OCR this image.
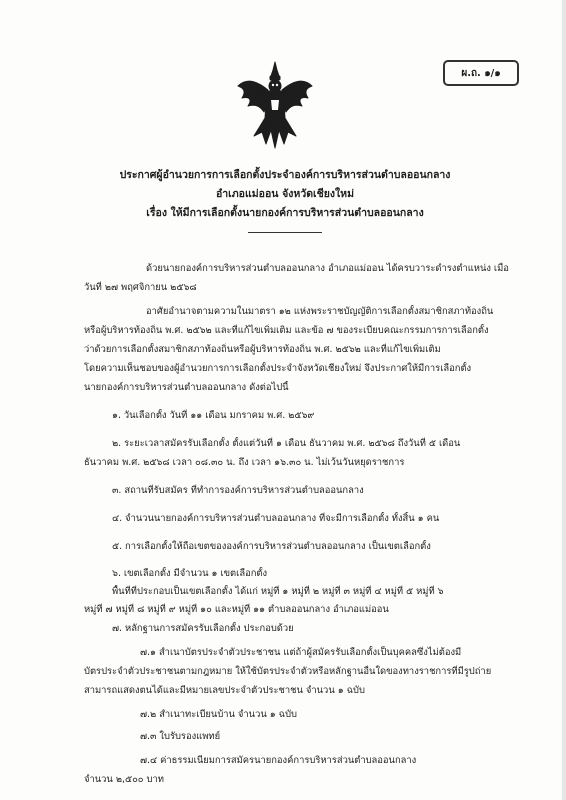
ผ.ถ. ๑/๑
ประกาศผู้อำนวยการการเลือกตั้งประจำองค์การบริหารส่วนตำบลออนกลาง
อำเภอแม่ออน จังหวัดเชียงใหม่
เรื่อง ให้มีการเลือกตั้งนายกองค์การบริหารส่วนตำบลออนกลาง
ด้วยนายกองค์การบริหารส่วนตำบลออนกลาง อำเภอแม่ออน ได้ครบวาระดำรงตำแหน่ง เมื่อ
วันที่ ๒๗ พฤศจิกายน ๒๕๖๘
อาศัยอำนาจตามความในมาตรา ๑๒ แห่งพระราชบัญญัติการเลือกตั้งสมาชิกสภาท้องถิ่น
หรือผู้บริหารท้องถิ่น พ.ศ. ๒๕๖๒ และที่แก้ไขเพิ่มเติม และข้อ ๗ ของระเบียบคณะกรรมการการเลือกตั้ง
ว่าด้วยการเลือกตั้งสมาชิกสภาท้องถิ่นหรือผู้บริหารท้องถิ่น พ.ศ. ๒๕๖๒ และที่แก้ไขเพิ่มเติม
โดยความเห็นชอบของผู้อำนวยการการเลือกตั้งประจำจังหวัดเชียงใหม่ จึงประกาศให้มีการเลือกตั้ง
นายกองค์การบริหารส่วนตำบลออนกลาง ดังต่อไปนี้
๑. วันเลือกตั้ง วันที่ ๑๑ เดือน มกราคม พ.ศ. ๒๕๖๙
๒. ระยะเวลาสมัครรับเลือกตั้ง ตั้งแต่วันที่ ๑ เดือน ธันวาคม พ.ศ. ๒๕๖๘ ถึงวันที่ ๕ เดือน
ธันวาคม พ.ศ. ๒๕๖๘ เวลา ๐๘.๓๐ น. ถึง เวลา ๑๖.๓๐ น. ไม่เว้นวันหยุดราชการ
๓. สถานที่รับสมัคร ที่ทำการองค์การบริหารส่วนตำบลออนกลาง
๔. จำนวนนายกองค์การบริหารส่วนตำบลออนกลาง ที่จะมีการเลือกตั้ง ทั้งสิ้น ๑ คน
๕. การเลือกตั้งให้ถือเขตขององค์การบริหารส่วนตำบลออนกลาง เป็นเขตเลือกตั้ง
๖. เขตเลือกตั้ง มีจำนวน ๑ เขตเลือกตั้ง
พื้นที่ที่ประกอบเป็นเขตเลือกตั้ง ได้แก่ หมู่ที่ ๑ หมู่ที่ ๒ หมู่ที่ ๓ หมู่ที่ ๔ หมู่ที่ ๕ หมู่ที่ ๖
หมู่ที่ ๗ หมู่ที่ ๘ หมู่ที่ ๙ หมู่ที่ ๑๐ และหมู่ที่ ๑๑ ตำบลออนกลาง อำเภอแม่ออน
๗. หลักฐานการสมัครรับเลือกตั้ง ประกอบด้วย
๗.๑ สำเนาบัตรประจำตัวประชาชน แต่ถ้าผู้สมัครรับเลือกตั้งเป็นบุคคลซึ่งไม่ต้องมี
บัตรประจำตัวประชาชนตามกฎหมาย ให้ใช้บัตรประจำตัวหรือหลักฐานอื่นใดของทางราชการที่มีรูปถ่าย
สามารถแสดงตนได้และมีหมายเลขประจำตัวประชาชน จำนวน ๑ ฉบับ
๗.๒ สำเนาทะเบียนบ้าน จำนวน ๑ ฉบับ
๗.๓ ใบรับรองแพทย์
๗.๔ ค่าธรรมเนียมการสมัครนายกองค์การบริหารส่วนตำบลออนกลาง
จำนวน ๒,๕๐๐ บาท
